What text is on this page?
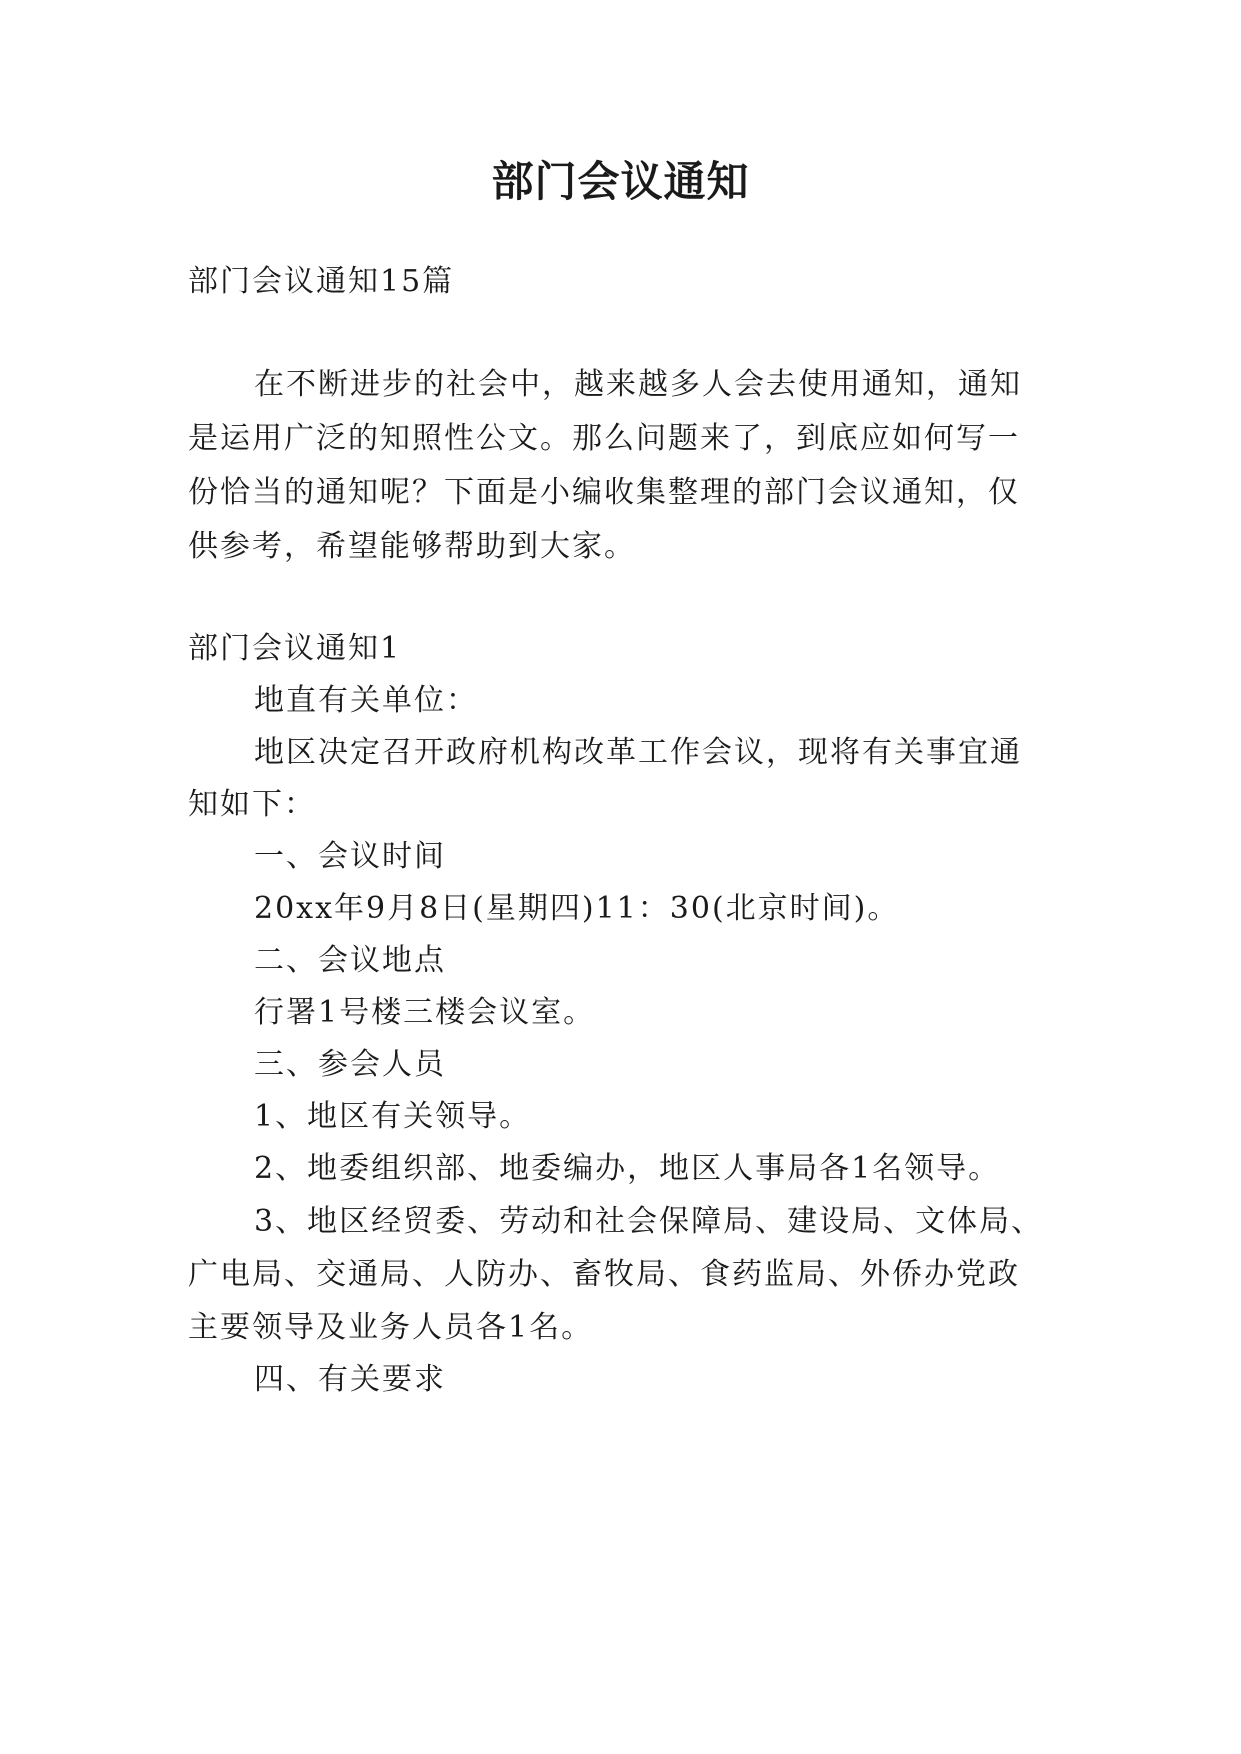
部门会议通知

部门会议通知15篇

在不断进步的社会中，越来越多人会去使用通知，通知

是运用广泛的知照性公文。那么问题来了，到底应如何写一

份恰当的通知呢？下面是小编收集整理的部门会议通知，仅

供参考，希望能够帮助到大家。

部门会议通知1

地直有关单位：

地区决定召开政府机构改革工作会议，现将有关事宜通

知如下：

一、会议时间

20xx年9月8日(星期四)11：30(北京时间)。

二、会议地点

行署1号楼三楼会议室。

三、参会人员

1、地区有关领导。

2、地委组织部、地委编办，地区人事局各1名领导。

3、地区经贸委、劳动和社会保障局、建设局、文体局、

广电局、交通局、人防办、畜牧局、食药监局、外侨办党政

主要领导及业务人员各1名。

四、有关要求
